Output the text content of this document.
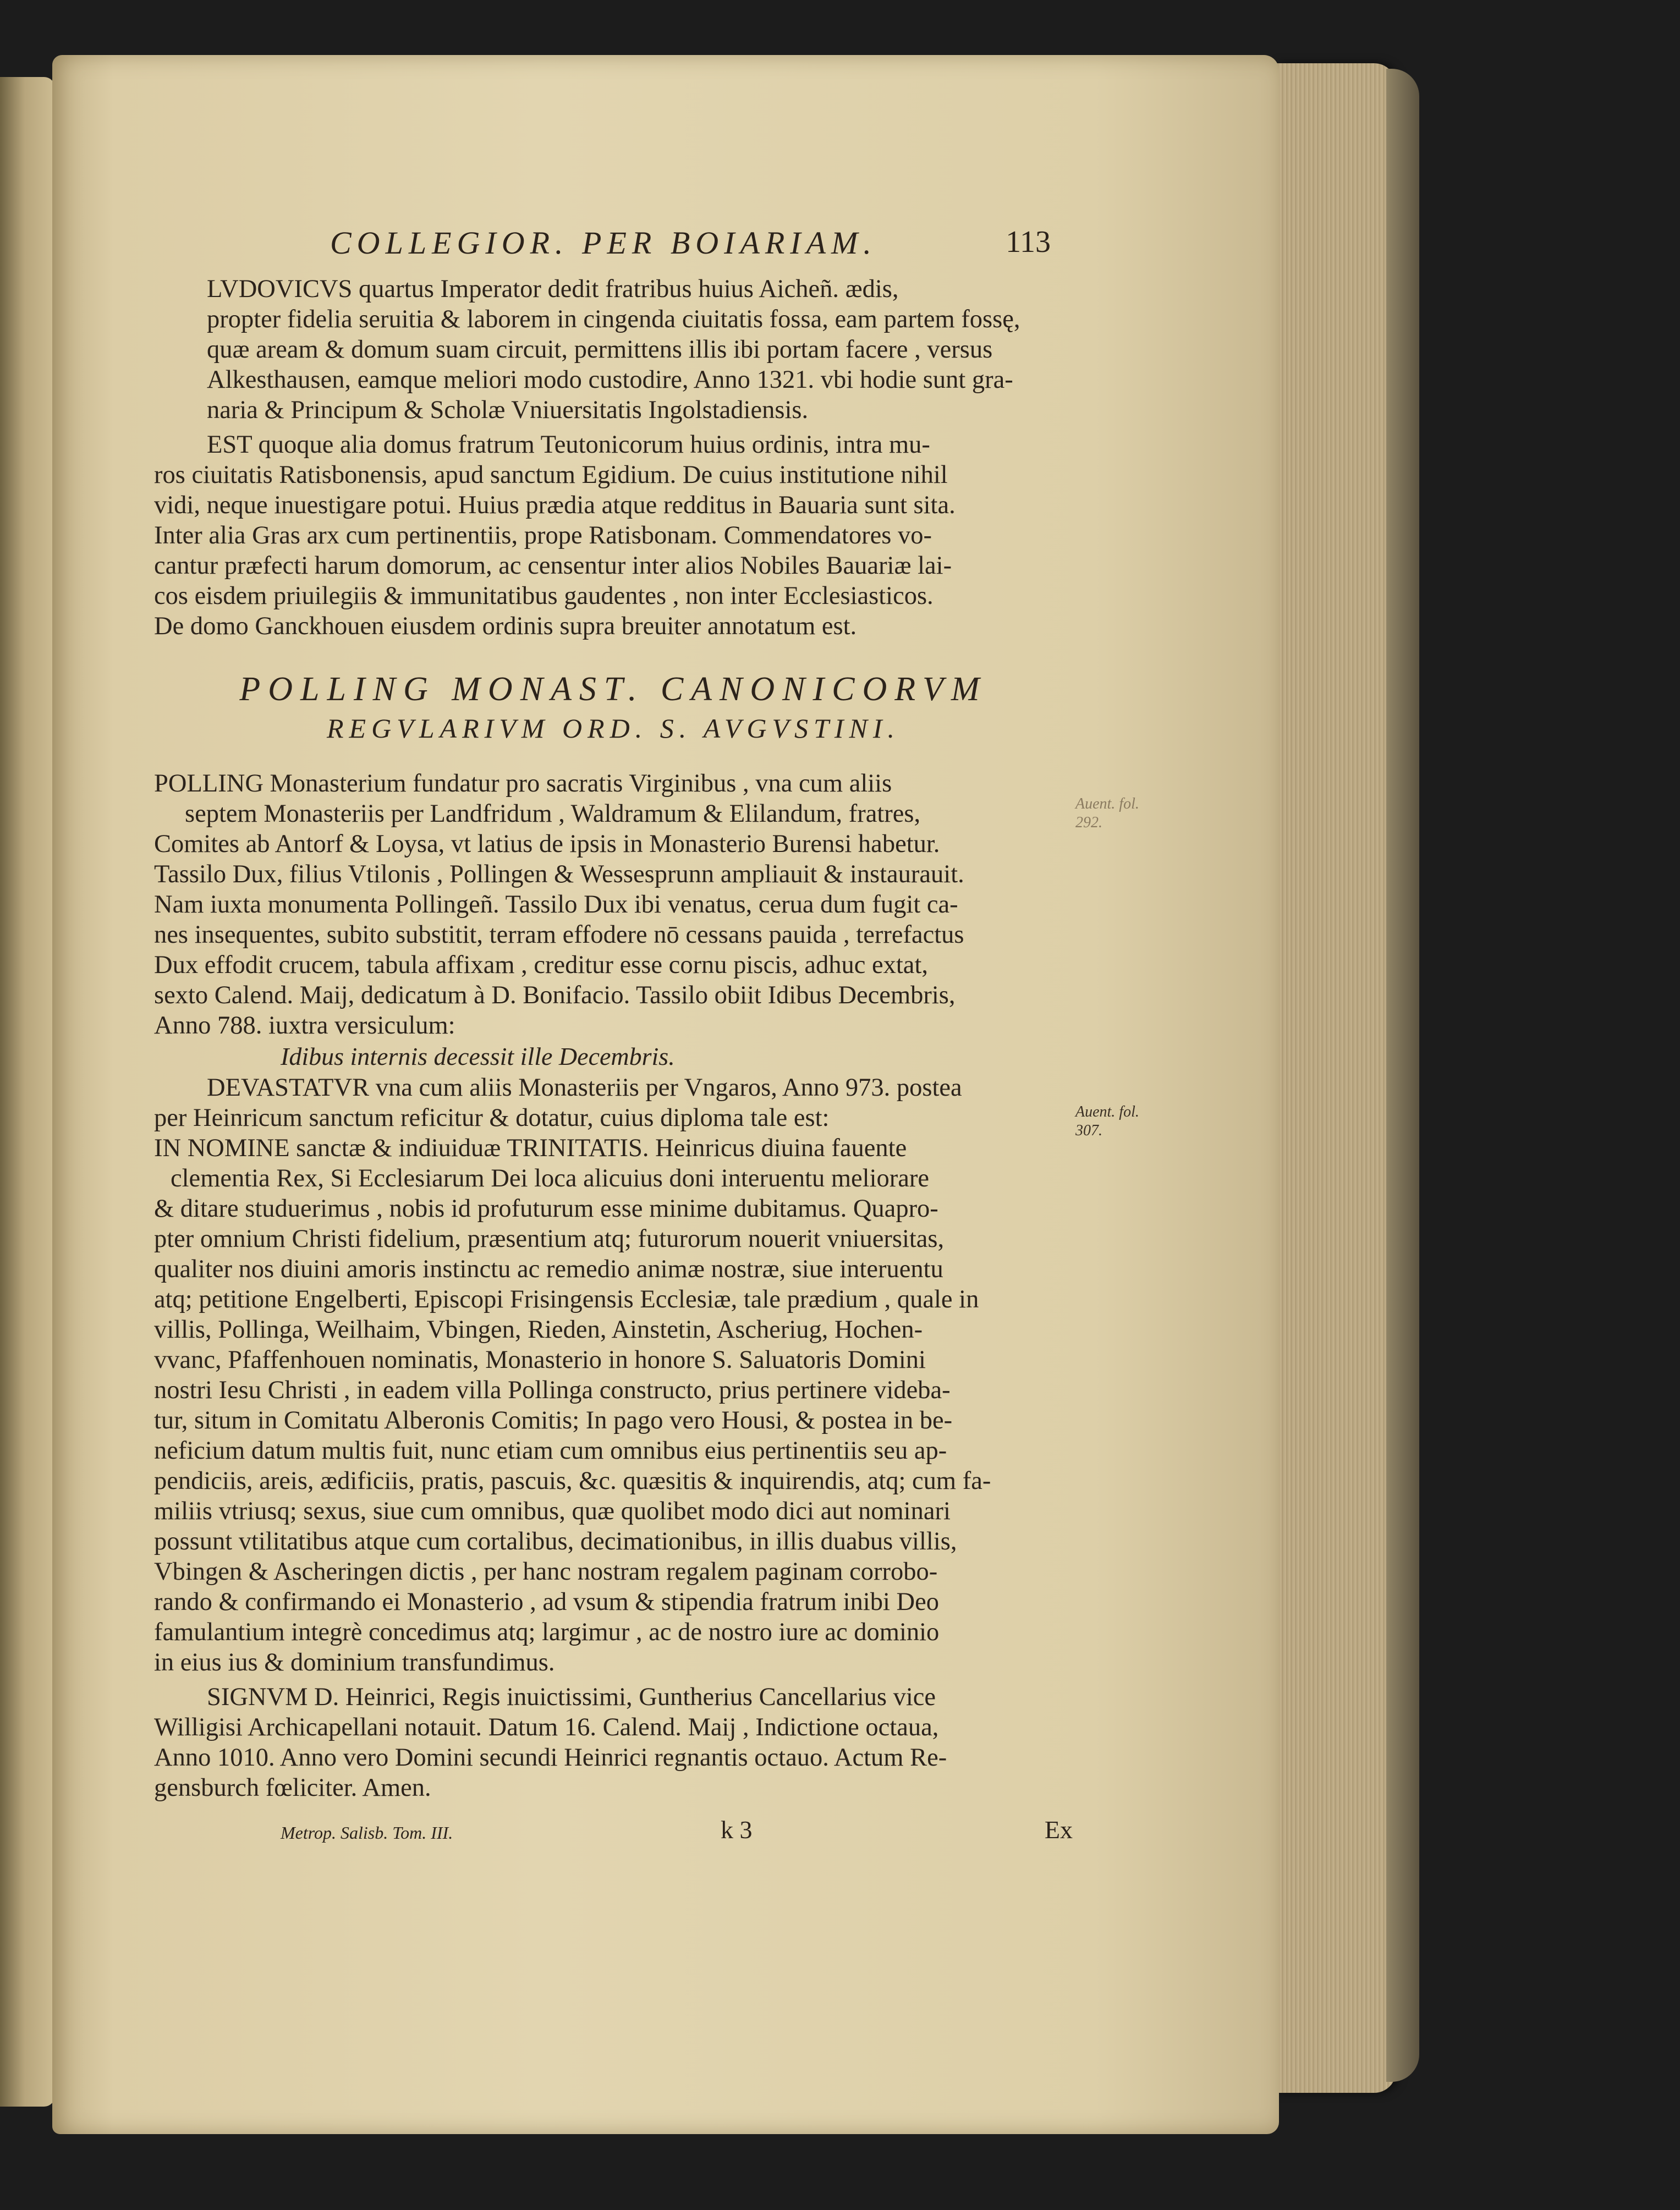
COLLEGIOR. PER BOIARIAM.	113

LVDOVICVS quartus Imperator dedit fratribus huius Aicheñ. ædis,
propter fidelia seruitia & laborem in cingenda ciuitatis fossa, eam partem fossę,
quæ aream & domum suam circuit, permittens illis ibi portam facere , versus
Alkesthausen, eamque meliori modo custodire, Anno 1321. vbi hodie sunt gra-
naria & Principum & Scholæ Vniuersitatis Ingolstadiensis.

EST quoque alia domus fratrum Teutonicorum huius ordinis, intra mu-
ros ciuitatis Ratisbonensis, apud sanctum Egidium. De cuius institutione nihil
vidi, neque inuestigare potui. Huius prædia atque redditus in Bauaria sunt sita.
Inter alia Gras arx cum pertinentiis, prope Ratisbonam. Commendatores vo-
cantur præfecti harum domorum, ac censentur inter alios Nobiles Bauariæ lai-
cos eisdem priuilegiis & immunitatibus gaudentes , non inter Ecclesiasticos.
De domo Ganckhouen eiusdem ordinis supra breuiter annotatum est.

POLLING MONAST. CANONICORVM
REGVLARIVM ORD. S. AVGVSTINI.

POLLING Monasterium fundatur pro sacratis Virginibus , vna cum aliis
septem Monasteriis per Landfridum , Waldramum & Elilandum, fratres,
Comites ab Antorf & Loysa, vt latius de ipsis in Monasterio Burensi habetur.
Tassilo Dux, filius Vtilonis , Pollingen & Wessesprunn ampliauit & instaurauit.
Nam iuxta monumenta Pollingeñ. Tassilo Dux ibi venatus, cerua dum fugit ca-
nes insequentes, subito substitit, terram effodere nō cessans pauida , terrefactus
Dux effodit crucem, tabula affixam , creditur esse cornu piscis, adhuc extat,
sexto Calend. Maij, dedicatum à D. Bonifacio. Tassilo obiit Idibus Decembris,
Anno 788. iuxtra versiculum:

Idibus internis decessit ille Decembris.

DEVASTATVR vna cum aliis Monasteriis per Vngaros, Anno 973. postea
per Heinricum sanctum reficitur & dotatur, cuius diploma tale est:

IN NOMINE sanctæ & indiuiduæ TRINITATIS. Heinricus diuina fauente
clementia Rex, Si Ecclesiarum Dei loca alicuius doni interuentu meliorare
& ditare studuerimus , nobis id profuturum esse minime dubitamus. Quapro-
pter omnium Christi fidelium, præsentium atq; futurorum nouerit vniuersitas,
qualiter nos diuini amoris instinctu ac remedio animæ nostræ, siue interuentu
atq; petitione Engelberti, Episcopi Frisingensis Ecclesiæ, tale prædium , quale in
villis, Pollinga, Weilhaim, Vbingen, Rieden, Ainstetin, Ascheriug, Hochen-
vvanc, Pfaffenhouen nominatis, Monasterio in honore S. Saluatoris Domini
nostri Iesu Christi , in eadem villa Pollinga constructo, prius pertinere videba-
tur, situm in Comitatu Alberonis Comitis; In pago vero Housi, & postea in be-
neficium datum multis fuit, nunc etiam cum omnibus eius pertinentiis seu ap-
pendiciis, areis, ædificiis, pratis, pascuis, &c. quæsitis & inquirendis, atq; cum fa-
miliis vtriusq; sexus, siue cum omnibus, quæ quolibet modo dici aut nominari
possunt vtilitatibus atque cum cortalibus, decimationibus, in illis duabus villis,
Vbingen & Ascheringen dictis , per hanc nostram regalem paginam corrobo-
rando & confirmando ei Monasterio , ad vsum & stipendia fratrum inibi Deo
famulantium integrè concedimus atq; largimur , ac de nostro iure ac dominio
in eius ius & dominium transfundimus.

SIGNVM D. Heinrici, Regis inuictissimi, Guntherius Cancellarius vice
Willigisi Archicapellani notauit. Datum 16. Calend. Maij , Indictione octaua,
Anno 1010. Anno vero Domini secundi Heinrici regnantis octauo. Actum Re-
gensburch fœliciter. Amen.

Metrop. Salisb. Tom. III.	k 3	Ex
Auent. fol.
292.
Auent. fol.
307.
